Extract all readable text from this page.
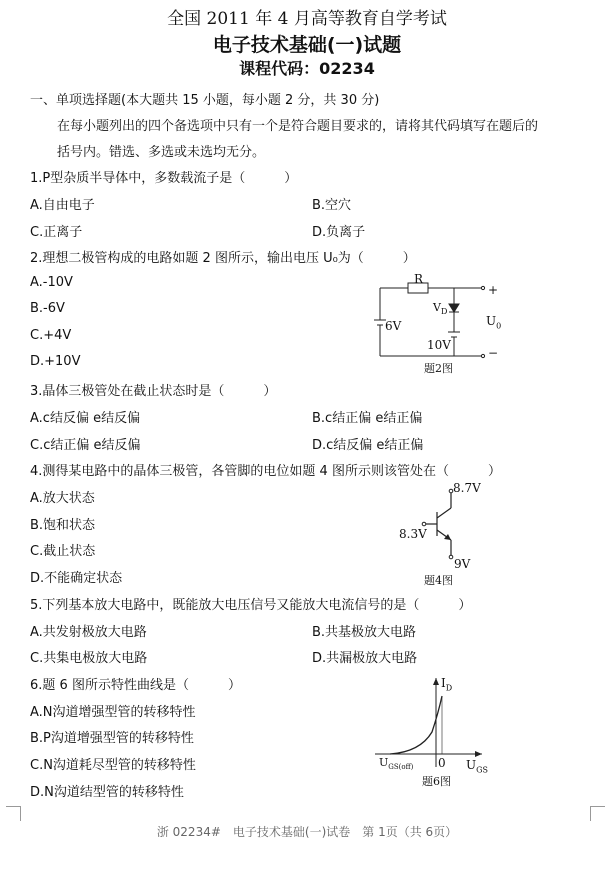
全国 2011 年 4 月高等教育自学考试
电子技术基础(一)试题
课程代码：02234
一、单项选择题(本大题共 15 小题，每小题 2 分，共 30 分)
在每小题列出的四个备选项中只有一个是符合题目要求的，请将其代码填写在题后的
括号内。错选、多选或未选均无分。
1.P型杂质半导体中，多数载流子是（　　　）
A.自由电子	B.空穴
C.正离子	D.负离子
2.理想二极管构成的电路如题 2 图所示，输出电压 U₀为（　　　）
A.-10V
B.-6V
C.+4V
D.+10V
R
$V_D$
6V
10V
+
−
$U_0$
题2图
3.晶体三极管处在截止状态时是（　　　）
A.c结反偏 e结反偏	B.c结正偏 e结正偏
C.c结正偏 e结反偏	D.c结反偏 e结正偏
4.测得某电路中的晶体三极管，各管脚的电位如题 4 图所示则该管处在（　　　）
A.放大状态
B.饱和状态
C.截止状态
D.不能确定状态
8.7V
8.3V
9V
题4图
5.下列基本放大电路中，既能放大电压信号又能放大电流信号的是（　　　）
A.共发射极放大电路	B.共基极放大电路
C.共集电极放大电路	D.共漏极放大电路
6.题 6 图所示特性曲线是（　　　）
A.N沟道增强型管的转移特性
B.P沟道增强型管的转移特性
C.N沟道耗尽型管的转移特性
D.N沟道结型管的转移特性
$I_D$
$U_{GS}$
$U_{GS(off)}$ 0
题6图
浙 02234#　电子技术基础(一)试卷　第 1页（共 6页）
